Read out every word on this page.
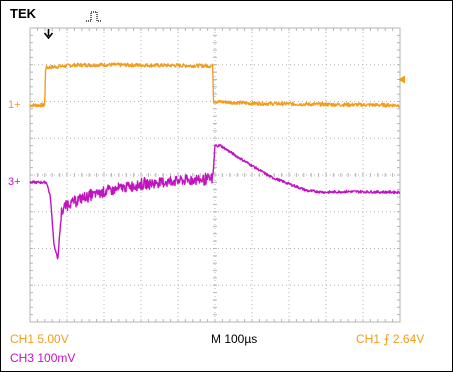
TEK
1+
3+
CH1 5.00V
CH3 100mV
M 100µs	CH1 ⨍ 2.64V
